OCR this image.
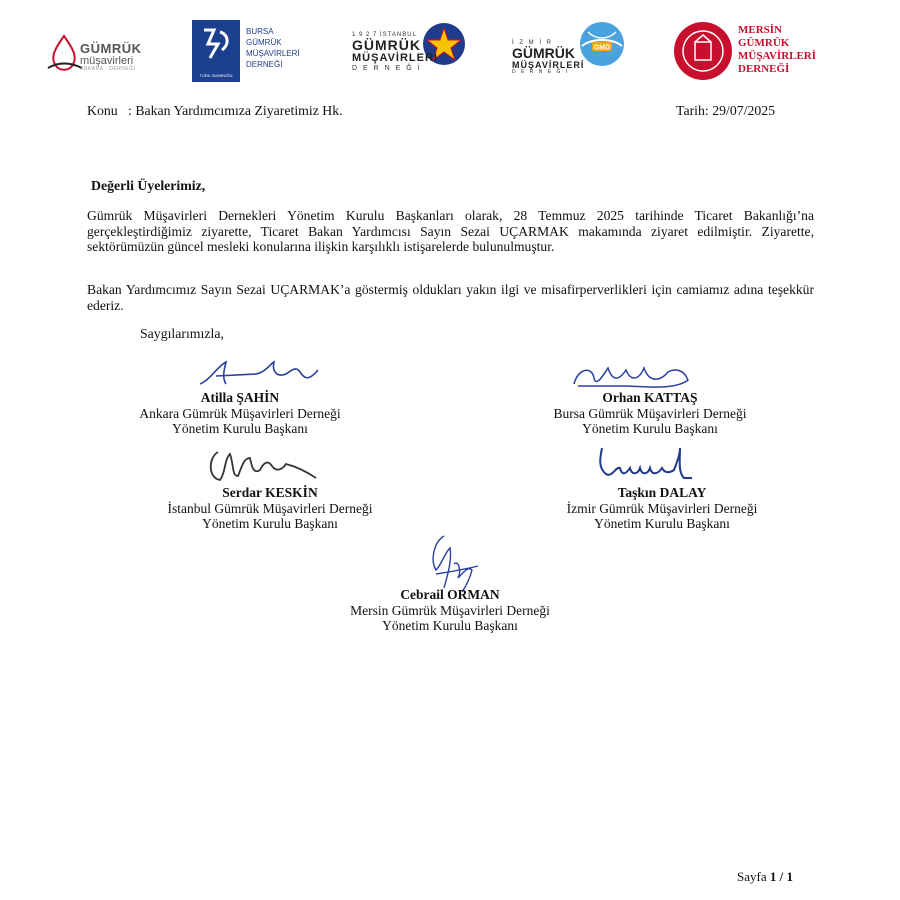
GÜMRÜK
müşavirleri
ANKARA · DERNEĞİ
TÜRK GÜMRÜĞÜ
BURSA
GÜMRÜK
MÜŞAVİRLERİ
DERNEĞİ
1 9 2 7 İSTANBUL
GÜMRÜK
MÜŞAVİRLERİ
D E R N E Ğ İ
GMD
İ Z M İ R
GÜMRÜK
MÜŞAVİRLERİ
D E R N E Ğ İ
MERSİN
GÜMRÜK
MÜŞAVİRLERİ
DERNEĞİ
Konu : Bakan Yardımcımıza Ziyaretimiz Hk.	Tarih: 29/07/2025
Değerli Üyelerimiz,
Gümrük Müşavirleri Dernekleri Yönetim Kurulu Başkanları olarak, 28 Temmuz 2025 tarihinde Ticaret Bakanlığı’na gerçekleştirdiğimiz ziyarette, Ticaret Bakan Yardımcısı Sayın Sezai UÇARMAK makamında ziyaret edilmiştir. Ziyarette, sektörümüzün güncel mesleki konularına ilişkin karşılıklı istişarelerde bulunulmuştur.
Bakan Yardımcımız Sayın Sezai UÇARMAK’a göstermiş oldukları yakın ilgi ve misafirperverlikleri için camiamız adına teşekkür ederiz.
Saygılarımızla,
Atilla ŞAHİN
Ankara Gümrük Müşavirleri Derneği
Yönetim Kurulu Başkanı
Orhan KATTAŞ
Bursa Gümrük Müşavirleri Derneği
Yönetim Kurulu Başkanı
Serdar KESKİN
İstanbul Gümrük Müşavirleri Derneği
Yönetim Kurulu Başkanı
Taşkın DALAY
İzmir Gümrük Müşavirleri Derneği
Yönetim Kurulu Başkanı
Cebrail ORMAN
Mersin Gümrük Müşavirleri Derneği
Yönetim Kurulu Başkanı
Sayfa 1 / 1
